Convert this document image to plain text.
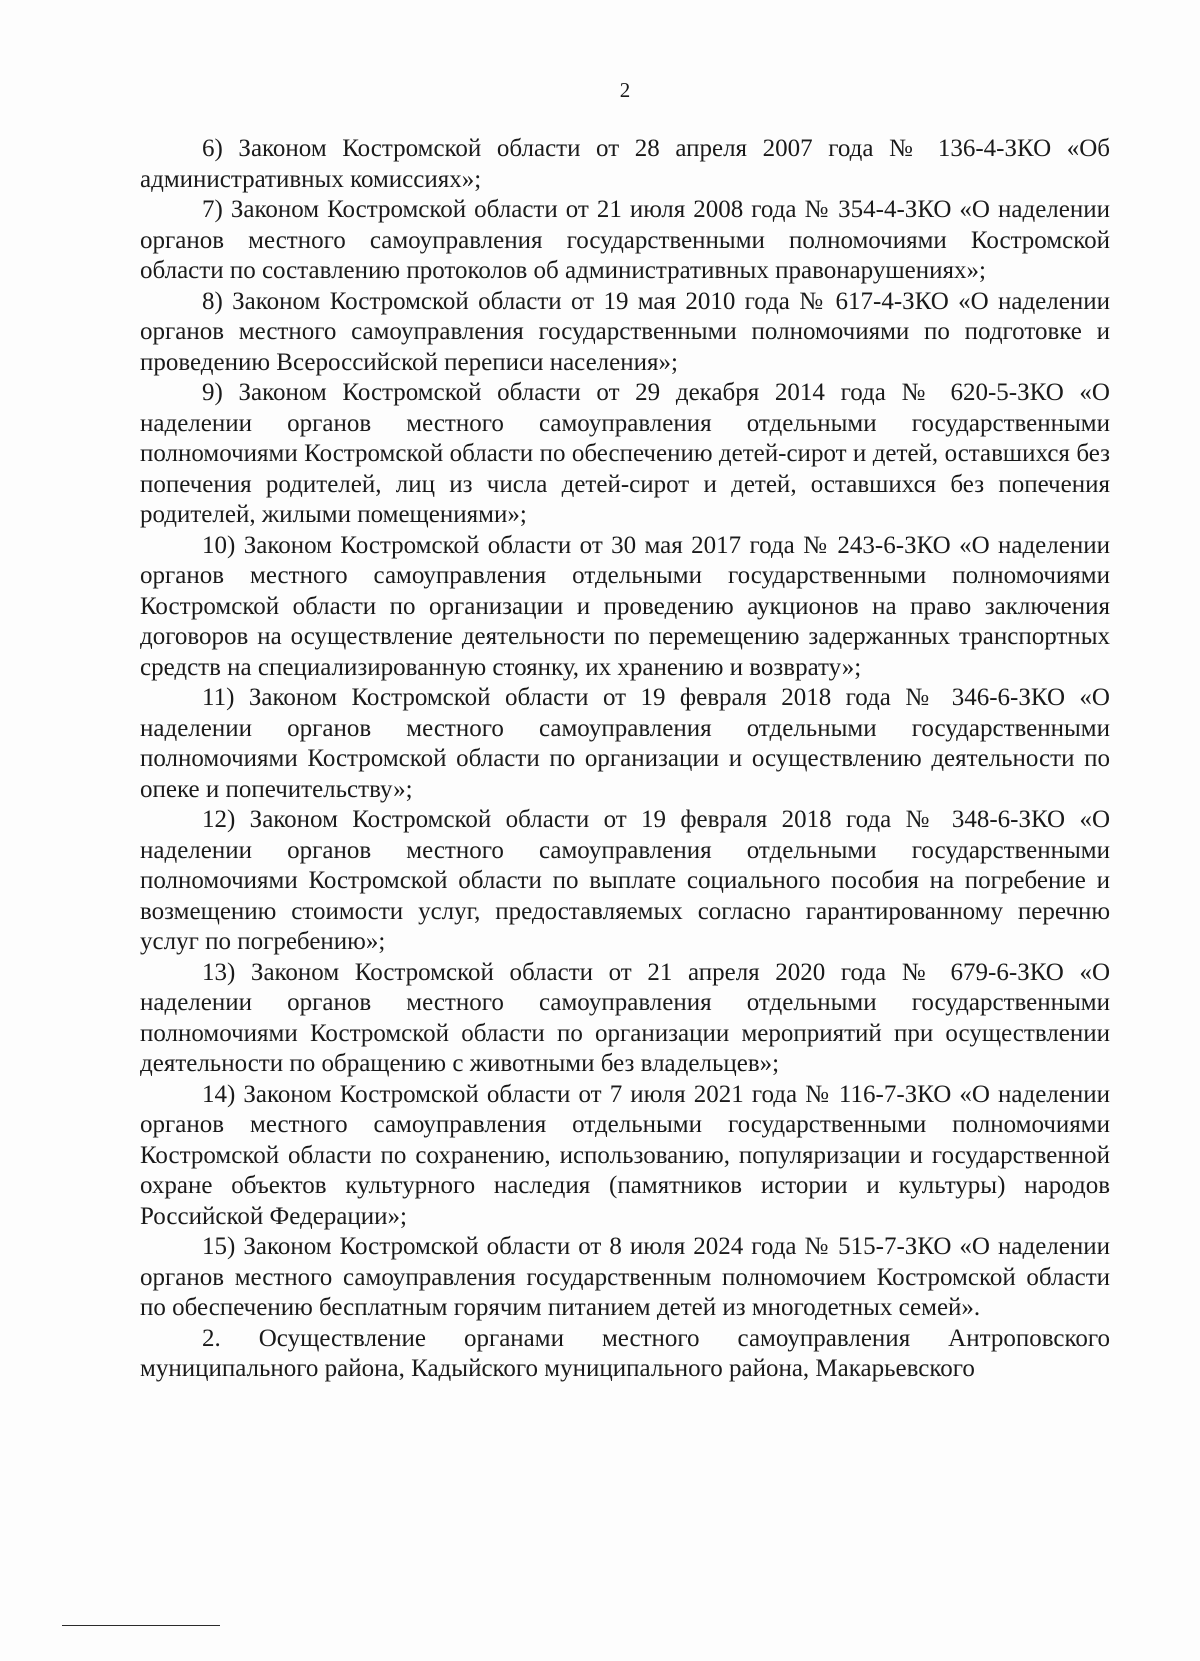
2

6) Законом Костромской области от 28 апреля 2007 года № 136-4-ЗКО «Об административных комиссиях»;

7) Законом Костромской области от 21 июля 2008 года № 354-4-ЗКО «О наделении органов местного самоуправления государственными полномочиями Костромской области по составлению протоколов об административных правонарушениях»;

8) Законом Костромской области от 19 мая 2010 года № 617-4-ЗКО «О наделении органов местного самоуправления государственными полномочиями по подготовке и проведению Всероссийской переписи населения»;

9) Законом Костромской области от 29 декабря 2014 года № 620-5-ЗКО «О наделении органов местного самоуправления отдельными государственными полномочиями Костромской области по обеспечению детей-сирот и детей, оставшихся без попечения родителей, лиц из числа детей-сирот и детей, оставшихся без попечения родителей, жилыми помещениями»;

10) Законом Костромской области от 30 мая 2017 года № 243-6-ЗКО «О наделении органов местного самоуправления отдельными государственными полномочиями Костромской области по организации и проведению аукционов на право заключения договоров на осуществление деятельности по перемещению задержанных транспортных средств на специализированную стоянку, их хранению и возврату»;

11) Законом Костромской области от 19 февраля 2018 года № 346-6-ЗКО «О наделении органов местного самоуправления отдельными государственными полномочиями Костромской области по организации и осуществлению деятельности по опеке и попечительству»;

12) Законом Костромской области от 19 февраля 2018 года № 348-6-ЗКО «О наделении органов местного самоуправления отдельными государственными полномочиями Костромской области по выплате социального пособия на погребение и возмещению стоимости услуг, предоставляемых согласно гарантированному перечню услуг по погребению»;

13) Законом Костромской области от 21 апреля 2020 года № 679-6-ЗКО «О наделении органов местного самоуправления отдельными государственными полномочиями Костромской области по организации мероприятий при осуществлении деятельности по обращению с животными без владельцев»;

14) Законом Костромской области от 7 июля 2021 года № 116-7-ЗКО «О наделении органов местного самоуправления отдельными государственными полномочиями Костромской области по сохранению, использованию, популяризации и государственной охране объектов культурного наследия (памятников истории и культуры) народов Российской Федерации»;

15) Законом Костромской области от 8 июля 2024 года № 515-7-ЗКО «О наделении органов местного самоуправления государственным полномочием Костромской области по обеспечению бесплатным горячим питанием детей из многодетных семей».

2. Осуществление органами местного самоуправления Антроповского муниципального района, Кадыйского муниципального района, Макарьевского
